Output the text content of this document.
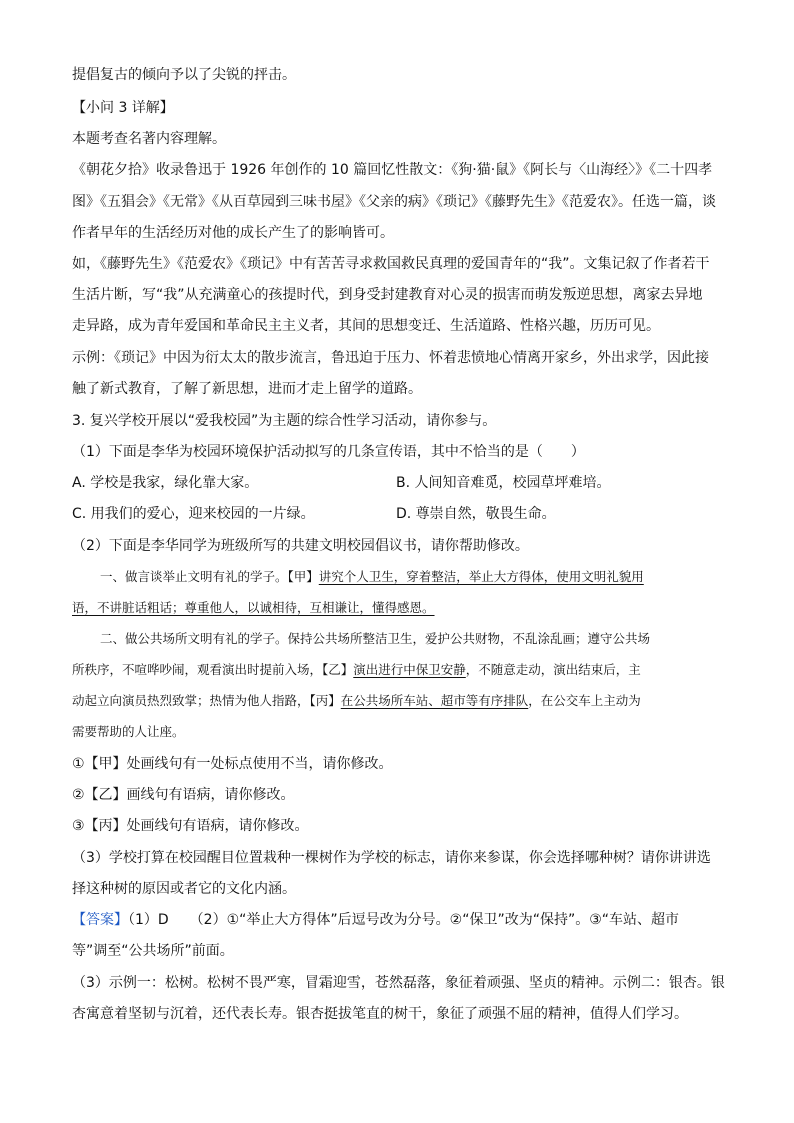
提倡复古的倾向予以了尖锐的抨击。
【小问 3 详解】
本题考查名著内容理解。
《朝花夕拾》收录鲁迅于 1926 年创作的 10 篇回忆性散文：《狗·猫·鼠》《阿长与〈山海经〉》《二十四孝
图》《五猖会》《无常》《从百草园到三味书屋》《父亲的病》《琐记》《藤野先生》《范爱农》。任选一篇，谈
作者早年的生活经历对他的成长产生了的影响皆可。
如，《藤野先生》《范爱农》《琐记》中有苦苦寻求救国救民真理的爱国青年的“我”。文集记叙了作者若干
生活片断，写“我”从充满童心的孩提时代，到身受封建教育对心灵的损害而萌发叛逆思想，离家去异地
走异路，成为青年爱国和革命民主主义者，其间的思想变迁、生活道路、性格兴趣，历历可见。
示例：《琐记》中因为衍太太的散步流言，鲁迅迫于压力、怀着悲愤地心情离开家乡，外出求学，因此接
触了新式教育，了解了新思想，进而才走上留学的道路。
3. 复兴学校开展以“爱我校园”为主题的综合性学习活动，请你参与。
（1）下面是李华为校园环境保护活动拟写的几条宣传语，其中不恰当的是（　　）
A. 学校是我家，绿化靠大家。	B. 人间知音难觅，校园草坪难培。
C. 用我们的爱心，迎来校园的一片绿。	D. 尊崇自然，敬畏生命。
（2）下面是李华同学为班级所写的共建文明校园倡议书，请你帮助修改。
一、做言谈举止文明有礼的学子。【甲】讲究个人卫生，穿着整洁，举止大方得体，使用文明礼貌用
语，不讲脏话粗话；尊重他人，以诚相待，互相谦让，懂得感恩。
二、做公共场所文明有礼的学子。保持公共场所整洁卫生，爱护公共财物，不乱涂乱画；遵守公共场
所秩序，不喧哗吵闹，观看演出时提前入场，【乙】演出进行中保卫安静，不随意走动，演出结束后，主
动起立向演员热烈致掌；热情为他人指路，【丙】在公共场所车站、超市等有序排队，在公交车上主动为
需要帮助的人让座。
①【甲】处画线句有一处标点使用不当，请你修改。
②【乙】画线句有语病，请你修改。
③【丙】处画线句有语病，请你修改。
（3）学校打算在校园醒目位置栽种一棵树作为学校的标志，请你来参谋，你会选择哪种树？请你讲讲选
择这种树的原因或者它的文化内涵。
【答案】（1）D　　（2）①“举止大方得体”后逗号改为分号。②“保卫”改为“保持”。③“车站、超市
等”调至“公共场所”前面。
（3）示例一：松树。松树不畏严寒，冒霜迎雪，苍然磊落，象征着顽强、坚贞的精神。示例二：银杏。银
杏寓意着坚韧与沉着，还代表长寿。银杏挺拔笔直的树干，象征了顽强不屈的精神，值得人们学习。
